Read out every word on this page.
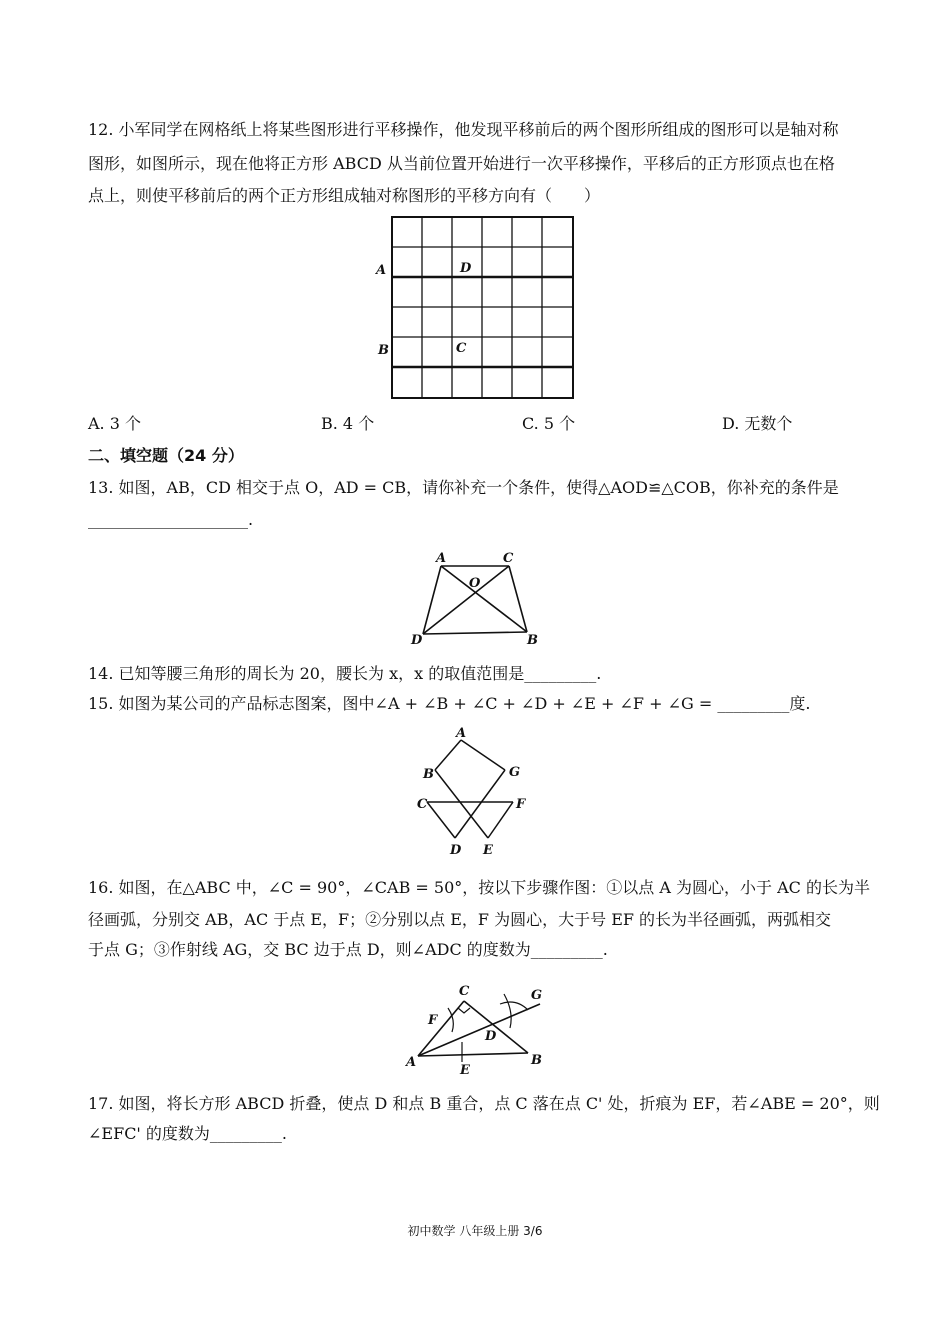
12. 小军同学在网格纸上将某些图形进行平移操作，他发现平移前后的两个图形所组成的图形可以是轴对称
图形，如图所示，现在他将正方形 ABCD 从当前位置开始进行一次平移操作，平移后的正方形顶点也在格
点上，则使平移前后的两个正方形组成轴对称图形的平移方向有（　　）
A	D
B	C
A. 3 个	B. 4 个	C. 5 个	D. 无数个
二、填空题（24 分）
13. 如图，AB，CD 相交于点 O，AD = CB，请你补充一个条件，使得△AOD≌△COB，你补充的条件是
____________________.
A	C
O
D	B
14. 已知等腰三角形的周长为 20，腰长为 x，x 的取值范围是_________.
15. 如图为某公司的产品标志图案，图中∠A + ∠B + ∠C + ∠D + ∠E + ∠F + ∠G = _________度.
A
B	G
C	F
D E
16. 如图，在△ABC 中，∠C = 90°，∠CAB = 50°，按以下步骤作图：①以点 A 为圆心，小于 AC 的长为半
径画弧，分别交 AB，AC 于点 E，F；②分别以点 E，F 为圆心，大于号 EF 的长为半径画弧，两弧相交
于点 G；③作射线 AG，交 BC 边于点 D，则∠ADC 的度数为_________.
C	G
F
D
A
E
B
17. 如图，将长方形 ABCD 折叠，使点 D 和点 B 重合，点 C 落在点 C' 处，折痕为 EF，若∠ABE = 20°，则
∠EFC' 的度数为_________.
初中数学 八年级上册 3/6
